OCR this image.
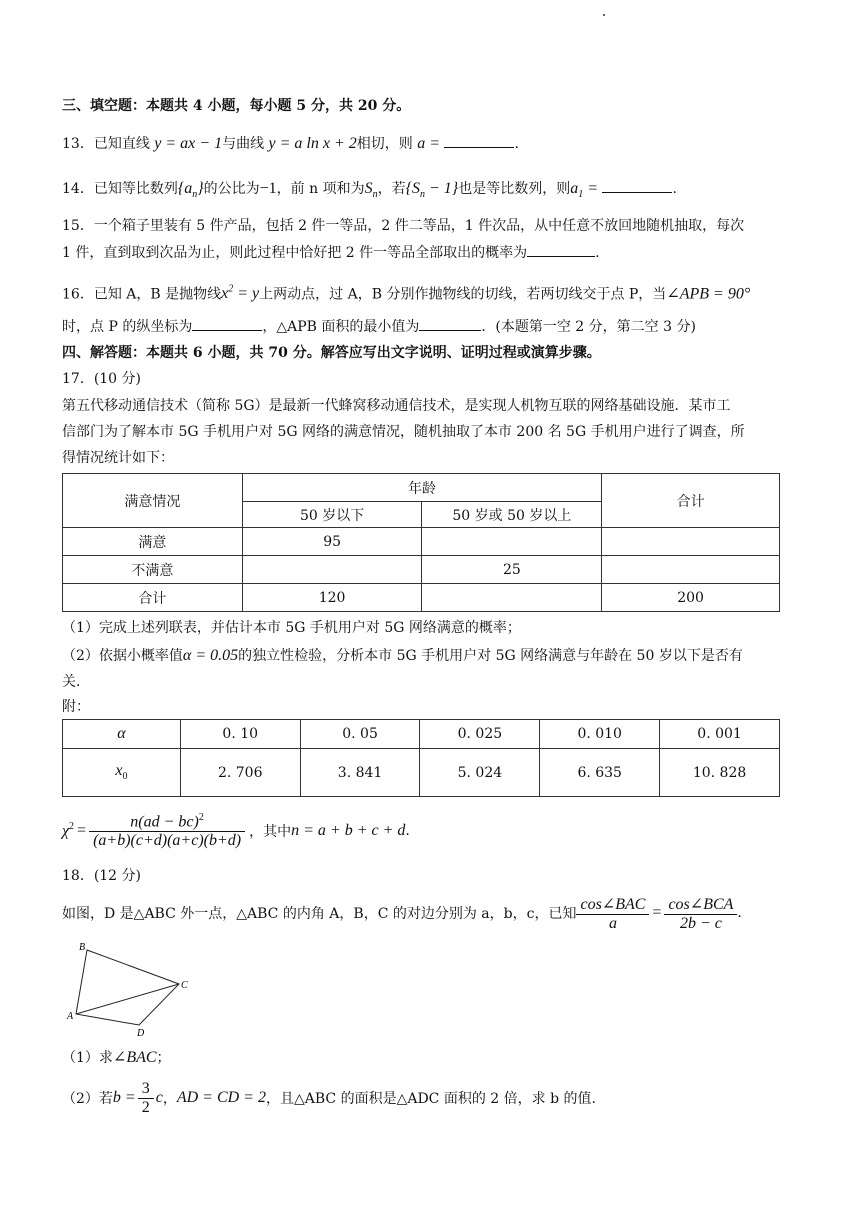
三、填空题：本题共 4 小题，每小题 5 分，共 20 分。
13．已知直线 y = ax − 1与曲线 y = a ln x + 2相切，则 a =	.
14．已知等比数列$\{a_n\}$的公比为−1，前 n 项和为$S_n$，若$\{S_n - 1\}$也是等比数列，则$a_1$ =	.
15．一个箱子里装有 5 件产品，包括 2 件一等品，2 件二等品，1 件次品，从中任意不放回地随机抽取，每次
1 件，直到取到次品为止，则此过程中恰好把 2 件一等品全部取出的概率为	.
16．已知 A，B 是抛物线$x^2 = y$上两动点，过 A，B 分别作抛物线的切线，若两切线交于点 P，当∠APB = 90°
时，点 P 的纵坐标为	，△APB 面积的最小值为	．(本题第一空 2 分，第二空 3 分)
四、解答题：本题共 6 小题，共 70 分。解答应写出文字说明、证明过程或演算步骤。
17．(10 分)
第五代移动通信技术（简称 5G）是最新一代蜂窝移动通信技术，是实现人机物互联的网络基础设施．某市工
信部门为了解本市 5G 手机用户对 5G 网络的满意情况，随机抽取了本市 200 名 5G 手机用户进行了调查，所
得情况统计如下：
满意情况	年龄		合计
	50 岁以下	50 岁或 50 岁以上	
满意	95		
不满意		25	
合计	120		200
（1）完成上述列联表，并估计本市 5G 手机用户对 5G 网络满意的概率；
（2）依据小概率值α = 0.05的独立性检验，分析本市 5G 手机用户对 5G 网络满意与年龄在 50 岁以下是否有
关．
附：
α	0. 10	0. 05	0. 025	0. 010	0. 001
$x_0$	2. 706	3. 841	5. 024	6. 635	10. 828
$\chi^2 = \frac{n(ad - bc)^2}{(a+b)(c+d)(a+c)(b+d)}$ ，其中 n = a + b + c + d .
18．(12 分)
如图，D 是△ABC 外一点，△ABC 的内角 A，B，C 的对边分别为 a，b，c，已知 $\frac{\text{cos∠BAC}}{a} = \frac{\text{cos∠BCA}}{2b - c}$ .
B
C
A
D
（1）求∠BAC；
（2）若 $b = \frac{3}{2}$ c ， AD = CD = 2 ，且△ABC 的面积是△ADC 面积的 2 倍，求 b 的值.
